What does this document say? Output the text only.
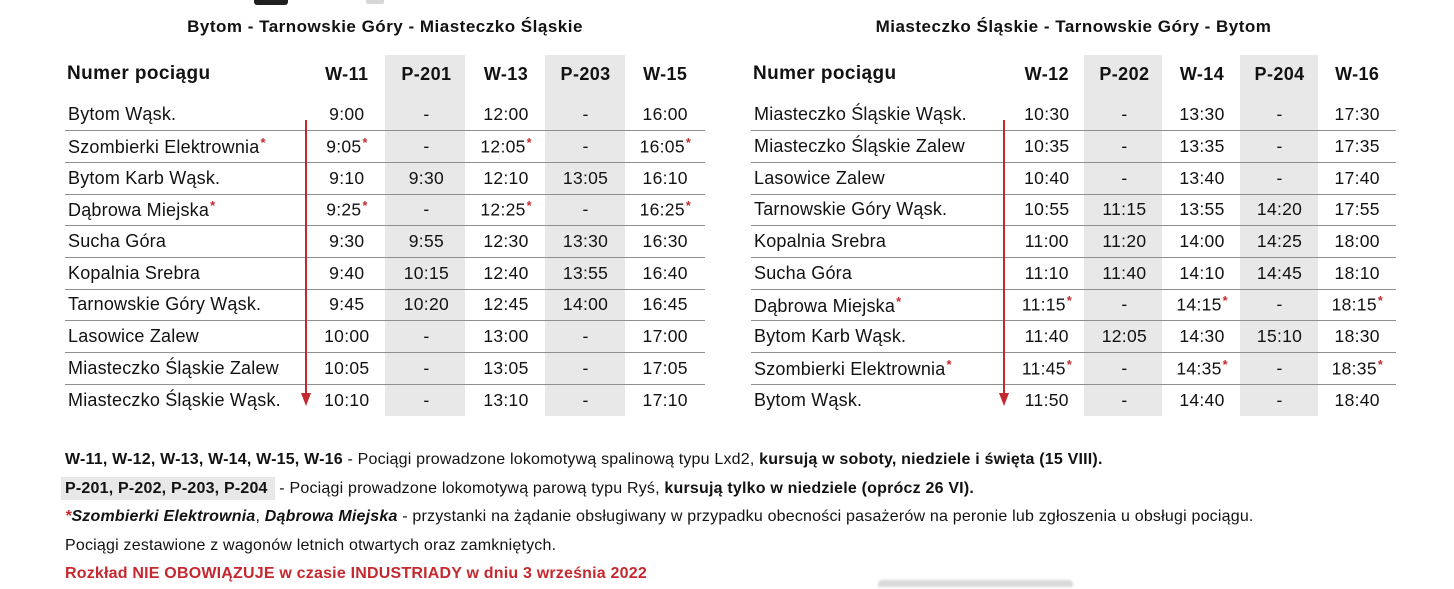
Bytom - Tarnowskie Góry - Miasteczko Śląskie
Numer pociągu	W-11	P-201	W-13	P-203	W-15
Bytom Wąsk.	9:00	-	12:00	-	16:00
Szombierki Elektrownia*	9:05*	-	12:05*	-	16:05*
Bytom Karb Wąsk.	9:10	9:30	12:10	13:05	16:10
Dąbrowa Miejska*	9:25*	-	12:25*	-	16:25*
Sucha Góra	9:30	9:55	12:30	13:30	16:30
Kopalnia Srebra	9:40	10:15	12:40	13:55	16:40
Tarnowskie Góry Wąsk.	9:45	10:20	12:45	14:00	16:45
Lasowice Zalew	10:00	-	13:00	-	17:00
Miasteczko Śląskie Zalew	10:05	-	13:05	-	17:05
Miasteczko Śląskie Wąsk.	10:10	-	13:10	-	17:10
Miasteczko Śląskie - Tarnowskie Góry - Bytom
Numer pociągu	W-12	P-202	W-14	P-204	W-16
Miasteczko Śląskie Wąsk.	10:30	-	13:30	-	17:30
Miasteczko Śląskie Zalew	10:35	-	13:35	-	17:35
Lasowice Zalew	10:40	-	13:40	-	17:40
Tarnowskie Góry Wąsk.	10:55	11:15	13:55	14:20	17:55
Kopalnia Srebra	11:00	11:20	14:00	14:25	18:00
Sucha Góra	11:10	11:40	14:10	14:45	18:10
Dąbrowa Miejska*	11:15*	-	14:15*	-	18:15*
Bytom Karb Wąsk.	11:40	12:05	14:30	15:10	18:30
Szombierki Elektrownia*	11:45*	-	14:35*	-	18:35*
Bytom Wąsk.	11:50	-	14:40	-	18:40
W-11, W-12, W-13, W-14, W-15, W-16 - Pociągi prowadzone lokomotywą spalinową typu Lxd2, kursują w soboty, niedziele i święta (15 VIII).
P-201, P-202, P-203, P-204 - Pociągi prowadzone lokomotywą parową typu Ryś, kursują tylko w niedziele (oprócz 26 VI).
*Szombierki Elektrownia, Dąbrowa Miejska - przystanki na żądanie obsługiwany w przypadku obecności pasażerów na peronie lub zgłoszenia u obsługi pociągu.
Pociągi zestawione z wagonów letnich otwartych oraz zamkniętych.
Rozkład NIE OBOWIĄZUJE w czasie INDUSTRIADY w dniu 3 września 2022
